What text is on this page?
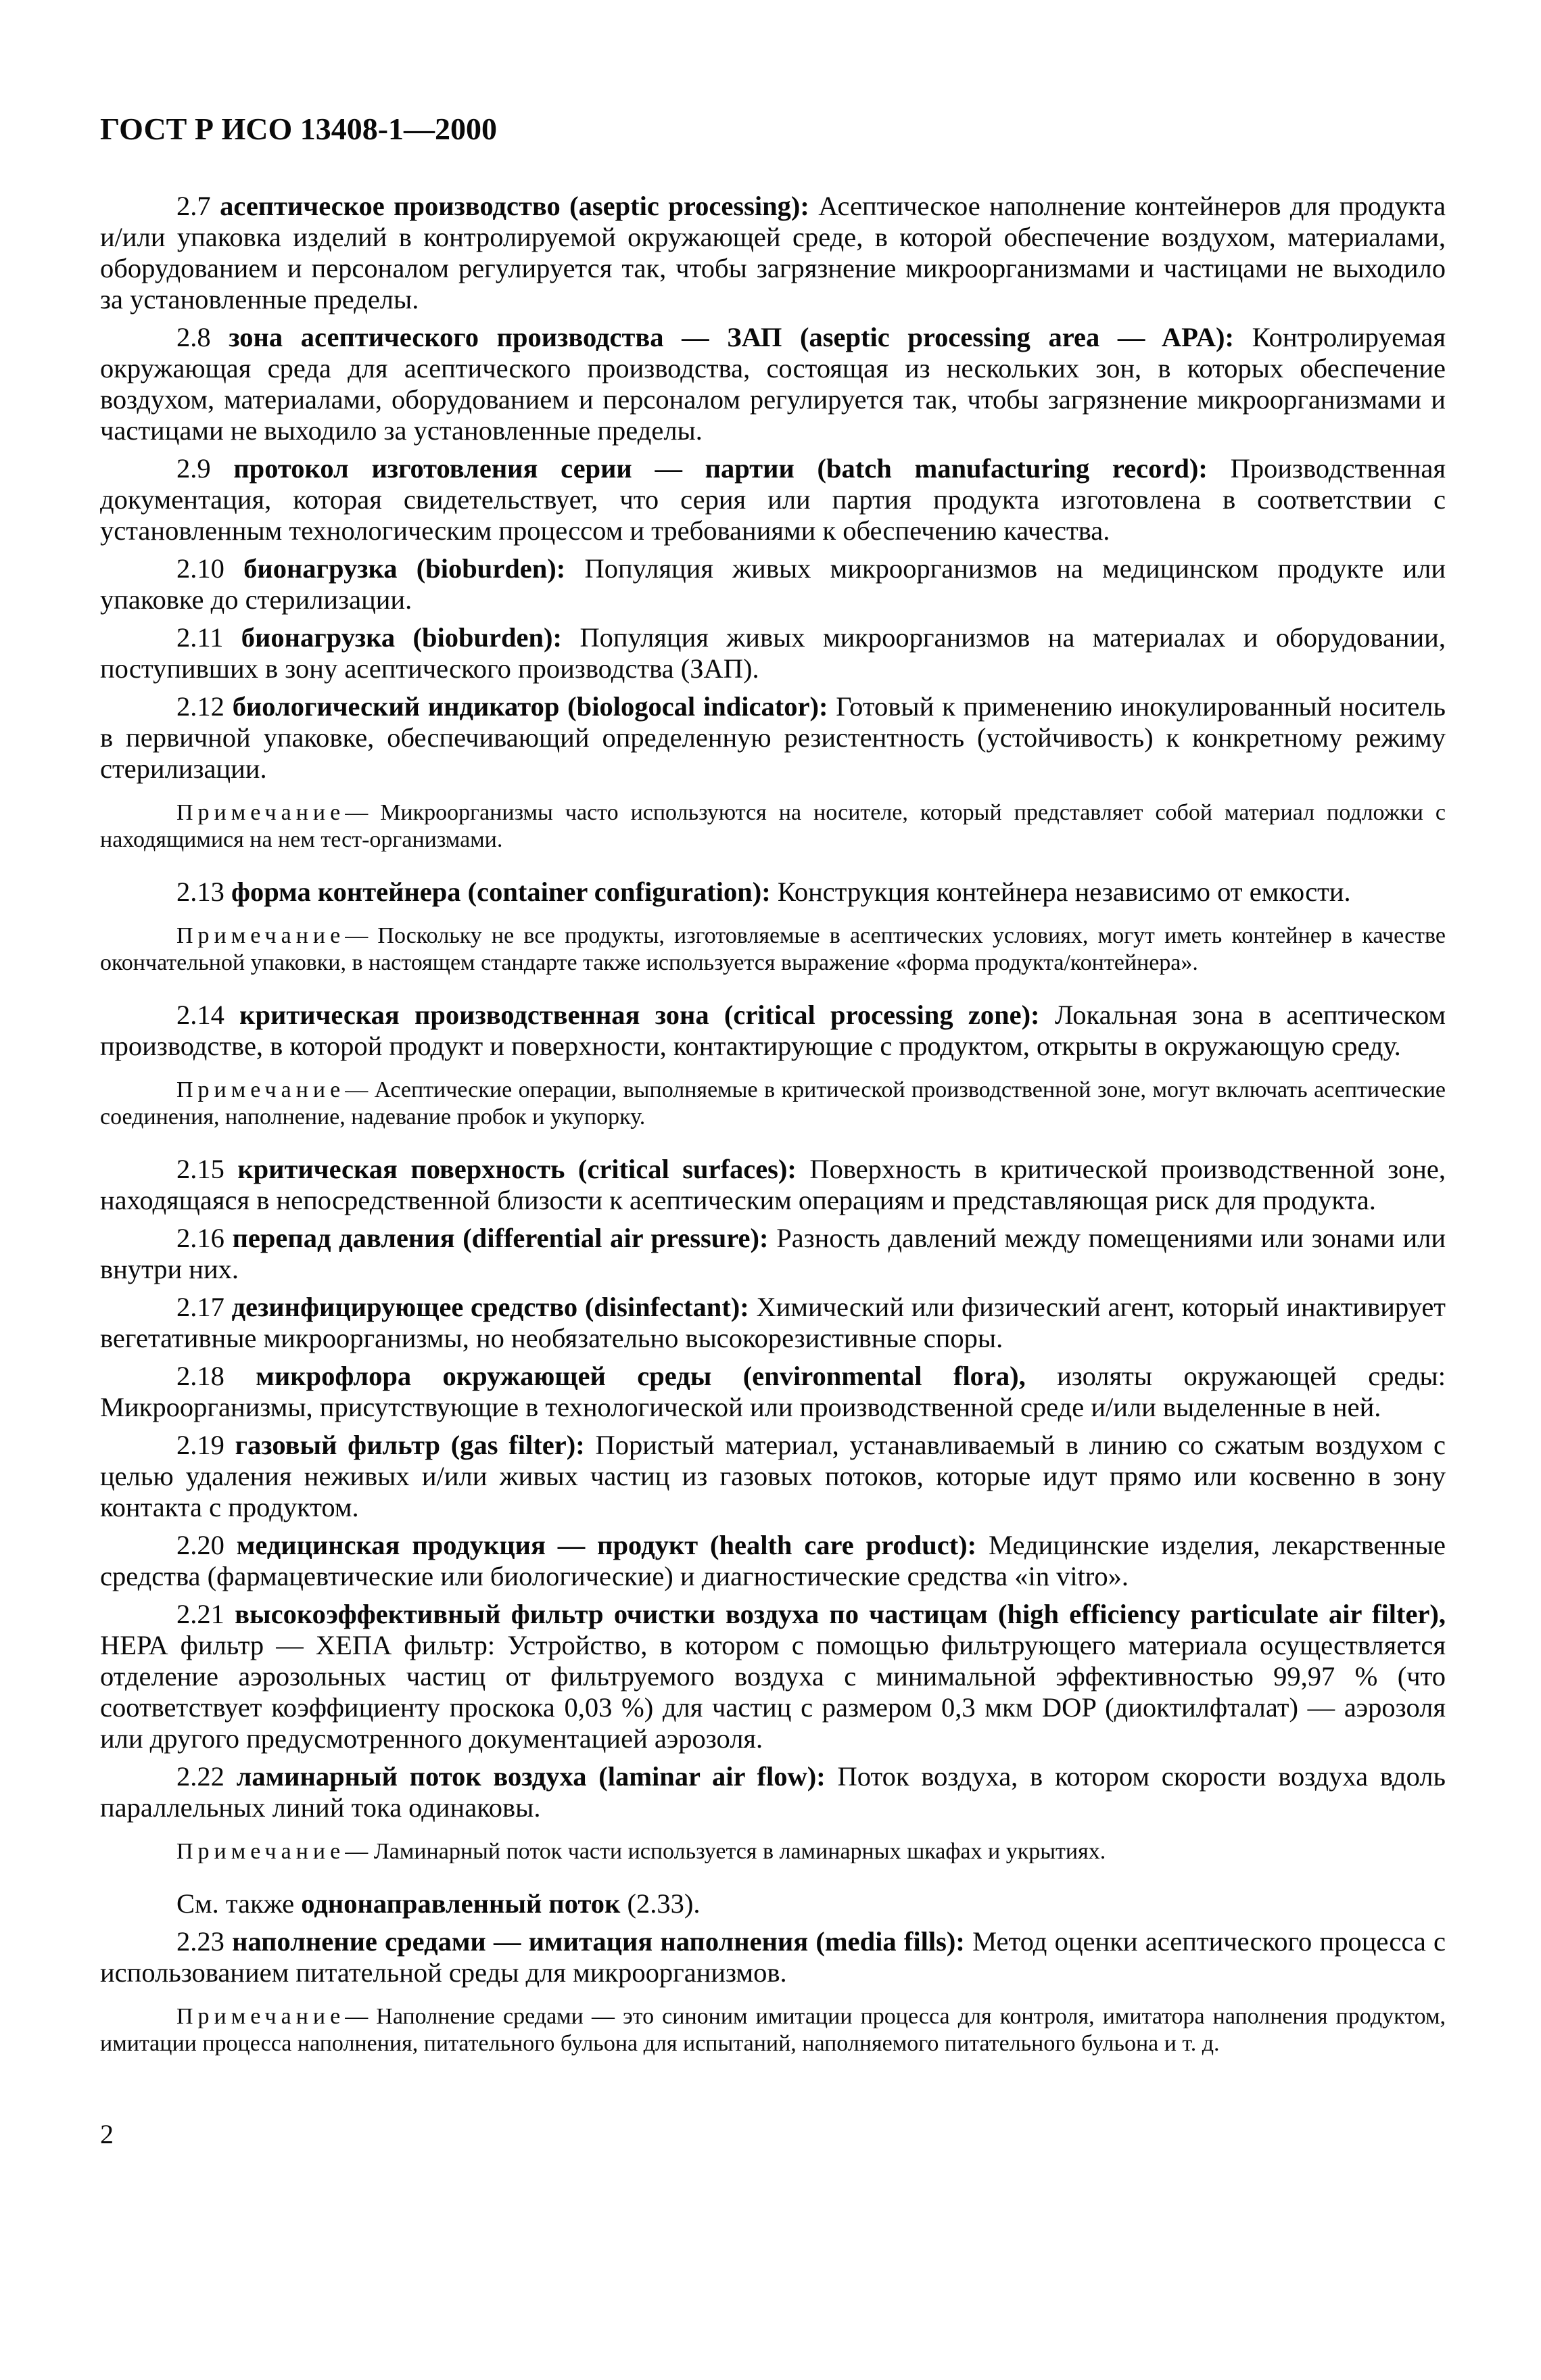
ГОСТ Р ИСО 13408-1—2000

2.7 асептическое производство (aseptic processing): Асептическое наполнение контейнеров для продукта и/или упаковка изделий в контролируемой окружающей среде, в которой обеспечение воздухом, материалами, оборудованием и персоналом регулируется так, чтобы загрязнение микроорганизмами и частицами не выходило за установленные пределы.

2.8 зона асептического производства — ЗАП (aseptic processing area — APA): Контролируемая окружающая среда для асептического производства, состоящая из нескольких зон, в которых обеспечение воздухом, материалами, оборудованием и персоналом регулируется так, чтобы загрязнение микроорганизмами и частицами не выходило за установленные пределы.

2.9 протокол изготовления серии — партии (batch manufacturing record): Производственная документация, которая свидетельствует, что серия или партия продукта изготовлена в соответствии с установленным технологическим процессом и требованиями к обеспечению качества.

2.10 бионагрузка (bioburden): Популяция живых микроорганизмов на медицинском продукте или упаковке до стерилизации.

2.11 бионагрузка (bioburden): Популяция живых микроорганизмов на материалах и оборудовании, поступивших в зону асептического производства (ЗАП).

2.12 биологический индикатор (biologocal indicator): Готовый к применению инокулированный носитель в первичной упаковке, обеспечивающий определенную резистентность (устойчивость) к конкретному режиму стерилизации.

Примечание— Микроорганизмы часто используются на носителе, который представляет собой материал подложки с находящимися на нем тест-организмами.

2.13 форма контейнера (container configuration): Конструкция контейнера независимо от емкости.

Примечание— Поскольку не все продукты, изготовляемые в асептических условиях, могут иметь контейнер в качестве окончательной упаковки, в настоящем стандарте также используется выражение «форма продукта/контейнера».

2.14 критическая производственная зона (critical processing zone): Локальная зона в асептическом производстве, в которой продукт и поверхности, контактирующие с продуктом, открыты в окружающую среду.

Примечание— Асептические операции, выполняемые в критической производственной зоне, могут включать асептические соединения, наполнение, надевание пробок и укупорку.

2.15 критическая поверхность (critical surfaces): Поверхность в критической производственной зоне, находящаяся в непосредственной близости к асептическим операциям и представляющая риск для продукта.

2.16 перепад давления (differential air pressure): Разность давлений между помещениями или зонами или внутри них.

2.17 дезинфицирующее средство (disinfectant): Химический или физический агент, который инактивирует вегетативные микроорганизмы, но необязательно высокорезистивные споры.

2.18 микрофлора окружающей среды (environmental flora), изоляты окружающей среды: Микроорганизмы, присутствующие в технологической или производственной среде и/или выделенные в ней.

2.19 газовый фильтр (gas filter): Пористый материал, устанавливаемый в линию со сжатым воздухом с целью удаления неживых и/или живых частиц из газовых потоков, которые идут прямо или косвенно в зону контакта с продуктом.

2.20 медицинская продукция — продукт (health care product): Медицинские изделия, лекарственные средства (фармацевтические или биологические) и диагностические средства «in vitro».

2.21 высокоэффективный фильтр очистки воздуха по частицам (high efficiency particulate air filter), НЕРА фильтр — ХЕПА фильтр: Устройство, в котором с помощью фильтрующего материала осуществляется отделение аэрозольных частиц от фильтруемого воздуха с минимальной эффективностью 99,97 % (что соответствует коэффициенту проскока 0,03 %) для частиц с размером 0,3 мкм DOP (диоктилфталат) — аэрозоля или другого предусмотренного документацией аэрозоля.

2.22 ламинарный поток воздуха (laminar air flow): Поток воздуха, в котором скорости воздуха вдоль параллельных линий тока одинаковы.

Примечание— Ламинарный поток части используется в ламинарных шкафах и укрытиях.

См. также однонаправленный поток (2.33).

2.23 наполнение средами — имитация наполнения (media fills): Метод оценки асептического процесса с использованием питательной среды для микроорганизмов.

Примечание— Наполнение средами — это синоним имитации процесса для контроля, имитатора наполнения продуктом, имитации процесса наполнения, питательного бульона для испытаний, наполняемого питательного бульона и т. д.

2
